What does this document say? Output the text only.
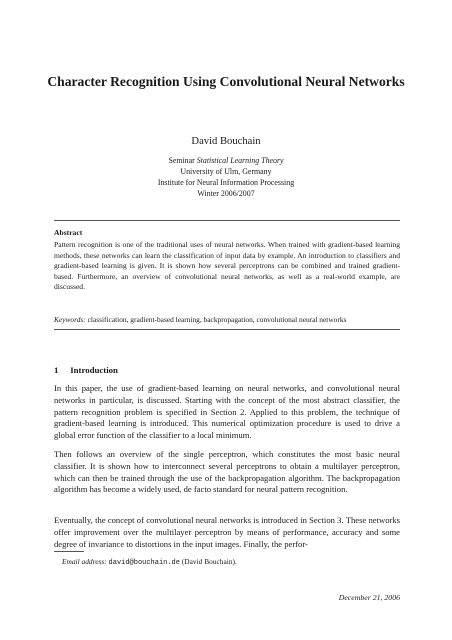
Character Recognition Using Convolutional Neural Networks
David Bouchain
Seminar Statistical Learning Theory
University of Ulm, Germany
Institute for Neural Information Processing
Winter 2006/2007
Abstract
Pattern recognition is one of the traditional uses of neural networks. When trained with gradient-based learning methods, these networks can learn the classification of input data by example. An introduction to classifiers and gradient-based learning is given. It is shown how several perceptrons can be combined and trained gradient-based. Furthermore, an overview of convolutional neural networks, as well as a real-world example, are discussed.
Keywords: classification, gradient-based learning, backpropagation, convolutional neural networks
1 Introduction
In this paper, the use of gradient-based learning on neural networks, and convolutional neural networks in particular, is discussed. Starting with the concept of the most abstract classifier, the pattern recognition problem is specified in Section 2. Applied to this problem, the technique of gradient-based learning is introduced. This numerical optimization procedure is used to drive a global error function of the classifier to a local minimum.
Then follows an overview of the single perceptron, which constitutes the most basic neural classifier. It is shown how to interconnect several perceptrons to obtain a multilayer perceptron, which can then be trained through the use of the backpropagation algorithm. The backpropagation algorithm has become a widely used, de facto standard for neural pattern recognition.
Eventually, the concept of convolutional neural networks is introduced in Section 3. These networks offer improvement over the multilayer perceptron by means of performance, accuracy and some degree of invariance to distortions in the input images. Finally, the perfor-
Email address: david@bouchain.de (David Bouchain).
December 21, 2006
